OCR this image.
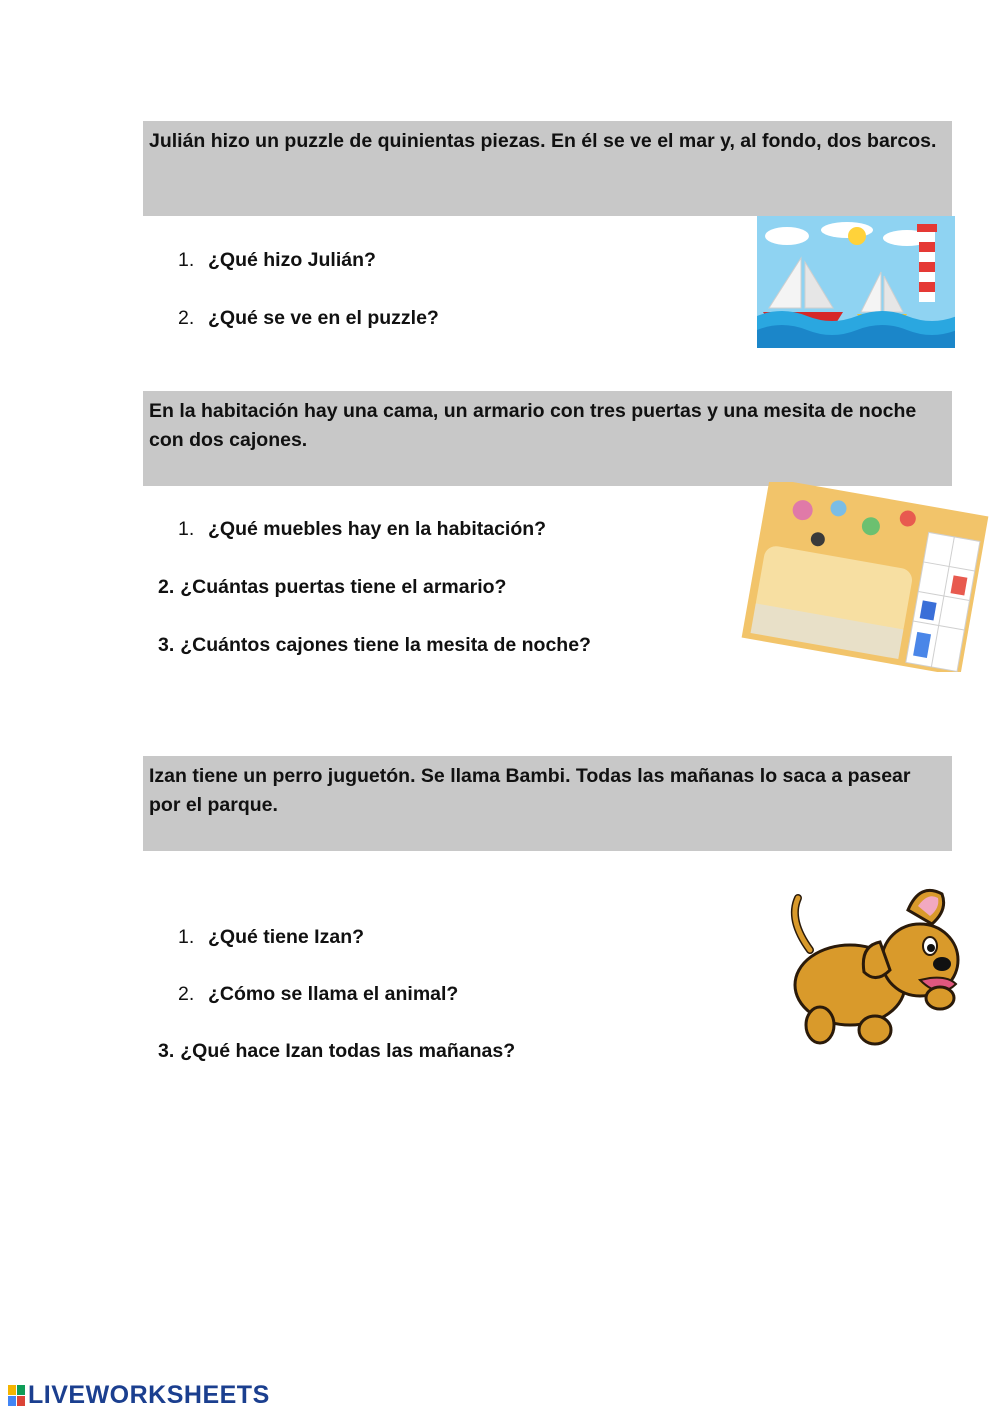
Julián hizo un puzzle de quinientas piezas. En él se ve el mar y, al fondo, dos barcos.
1. ¿Qué hizo Julián?
2. ¿Qué se ve en el puzzle?
En la habitación hay una cama, un armario con tres puertas y una mesita de noche con dos cajones.
1. ¿Qué muebles hay en la habitación?
2. ¿Cuántas puertas tiene el armario?
3. ¿Cuántos cajones tiene la mesita de noche?
Izan tiene un perro juguetón. Se llama Bambi. Todas las mañanas lo saca a pasear por el parque.
1. ¿Qué tiene Izan?
2. ¿Cómo se llama el animal?
3. ¿Qué hace Izan todas las mañanas?
LIVEWORKSHEETS
